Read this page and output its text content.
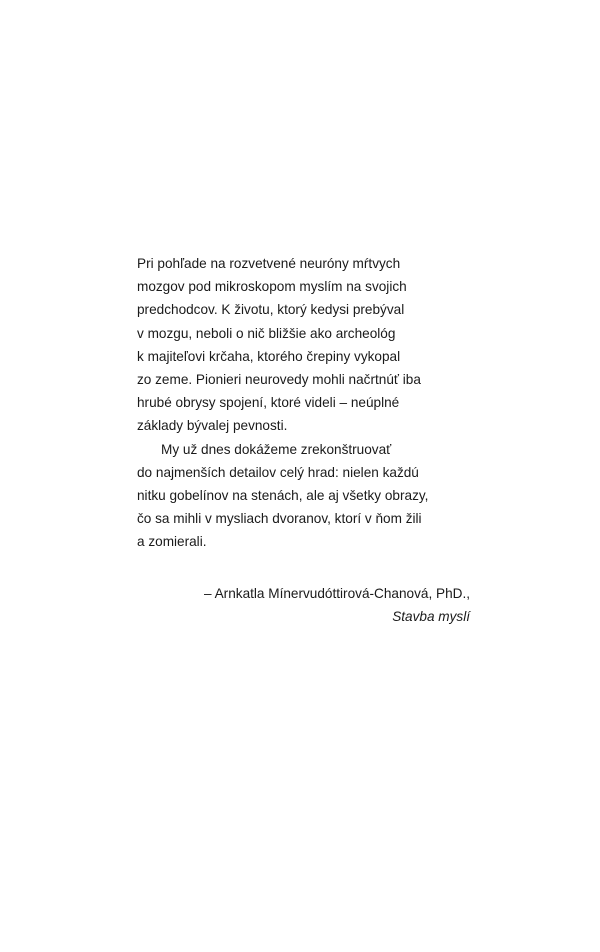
Pri pohľade na rozvetvené neuróny mŕtvych
mozgov pod mikroskopom myslím na svojich
predchodcov. K životu, ktorý kedysi prebýval
v mozgu, neboli o nič bližšie ako archeológ
k majiteľovi krčaha, ktorého črepiny vykopal
zo zeme. Pionieri neurovedy mohli načrtnúť iba
hrubé obrysy spojení, ktoré videli – neúplné
základy bývalej pevnosti.
My už dnes dokážeme zrekonštruovať
do najmenších detailov celý hrad: nielen každú
nitku gobelínov na stenách, ale aj všetky obrazy,
čo sa mihli v mysliach dvoranov, ktorí v ňom žili
a zomierali.
– Arnkatla Mínervudóttirová-Chanová, PhD.,
Stavba myslí
